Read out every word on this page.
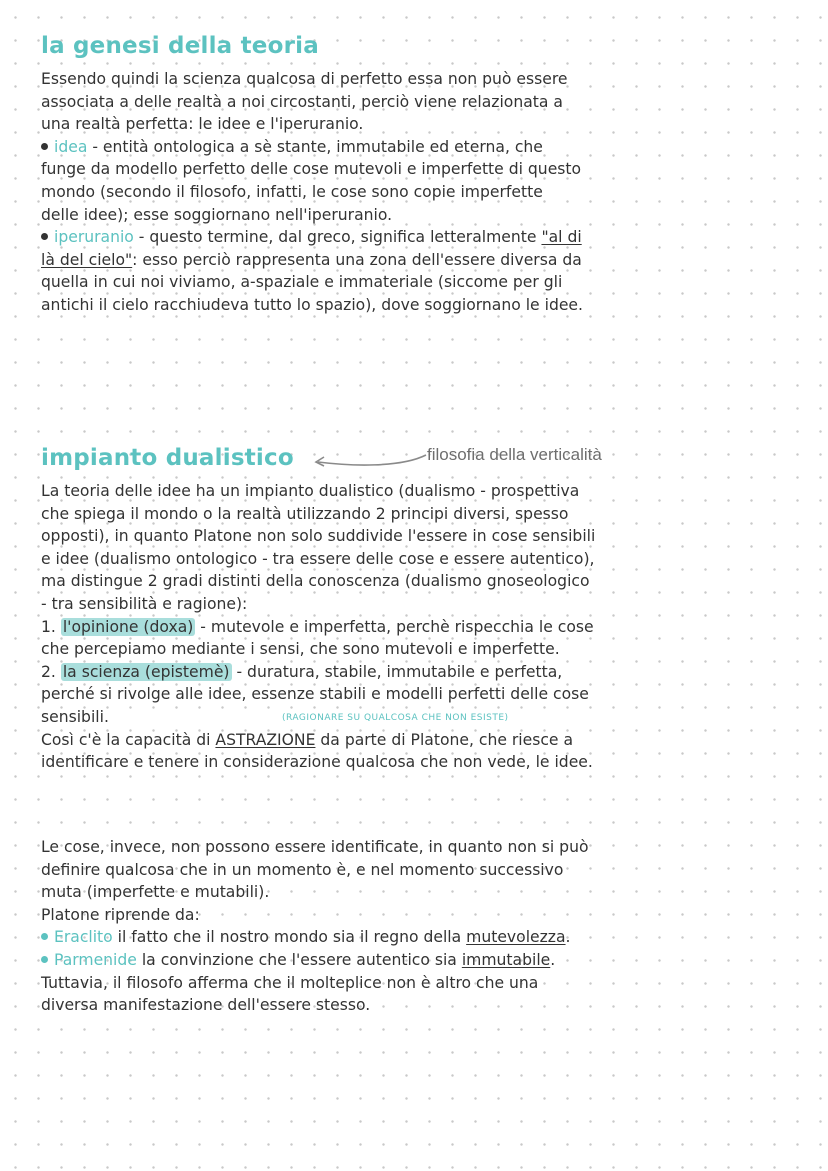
la genesi della teoria
Essendo quindi la scienza qualcosa di perfetto essa non può essere
associata a delle realtà a noi circostanti, perciò viene relazionata a
una realtà perfetta: le idee e l'iperuranio.
idea - entità ontologica a sè stante, immutabile ed eterna, che
funge da modello perfetto delle cose mutevoli e imperfette di questo
mondo (secondo il filosofo, infatti, le cose sono copie imperfette
delle idee); esse soggiornano nell'iperuranio.
iperuranio - questo termine, dal greco, significa letteralmente "al di
là del cielo": esso perciò rappresenta una zona dell'essere diversa da
quella in cui noi viviamo, a-spaziale e immateriale (siccome per gli
antichi il cielo racchiudeva tutto lo spazio), dove soggiornano le idee.
impianto dualistico	filosofia della verticalità
La teoria delle idee ha un impianto dualistico (dualismo - prospettiva
che spiega il mondo o la realtà utilizzando 2 principi diversi, spesso
opposti), in quanto Platone non solo suddivide l'essere in cose sensibili
e idee (dualismo ontologico - tra essere delle cose e essere autentico),
ma distingue 2 gradi distinti della conoscenza (dualismo gnoseologico
- tra sensibilità e ragione):
1. l'opinione (doxa) - mutevole e imperfetta, perchè rispecchia le cose
che percepiamo mediante i sensi, che sono mutevoli e imperfette.
2. la scienza (epistemè) - duratura, stabile, immutabile e perfetta,
perché si rivolge alle idee, essenze stabili e modelli perfetti delle cose
sensibili.
Così c'è la capacità di ASTRAZIONE da parte di Platone, che riesce a
identificare e tenere in considerazione qualcosa che non vede, le idee.
(RAGIONARE SU QUALCOSA CHE NON ESISTE)
Le cose, invece, non possono essere identificate, in quanto non si può
definire qualcosa che in un momento è, e nel momento successivo
muta (imperfette e mutabili).
Platone riprende da:
Eraclito il fatto che il nostro mondo sia il regno della mutevolezza.
Parmenide la convinzione che l'essere autentico sia immutabile.
Tuttavia, il filosofo afferma che il molteplice non è altro che una
diversa manifestazione dell'essere stesso.
